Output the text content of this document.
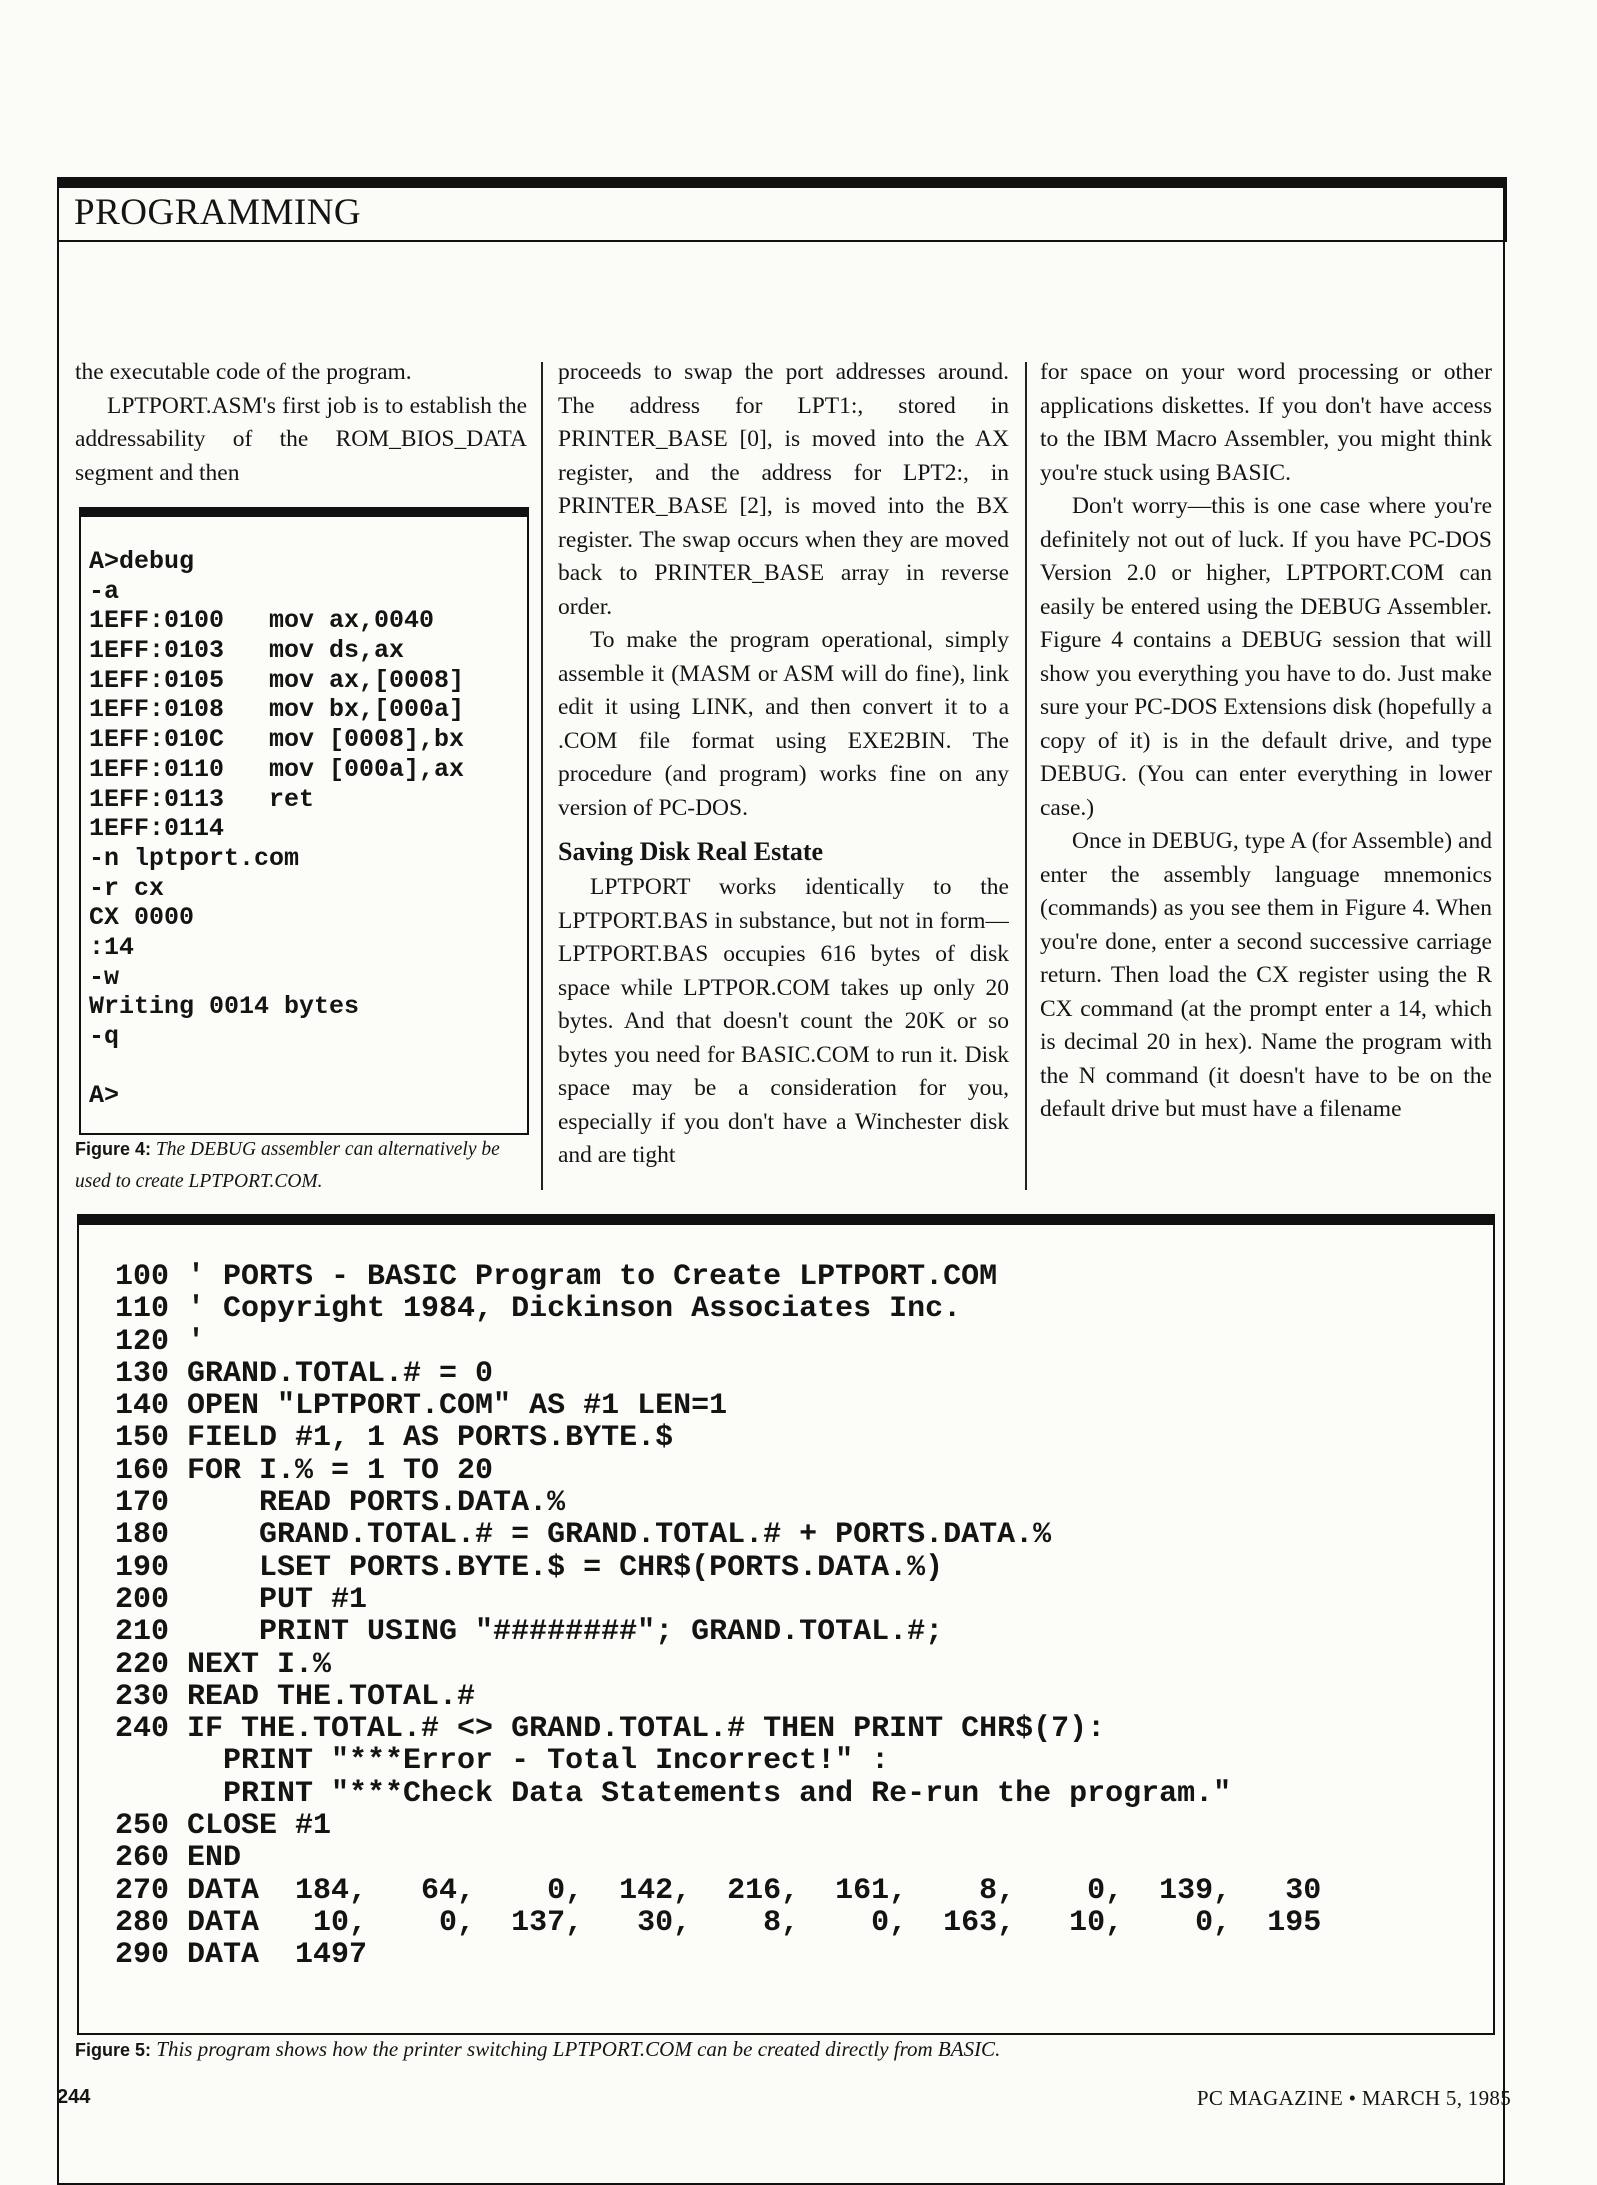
PROGRAMMING

the executable code of the program.

LPTPORT.ASM's first job is to establish the addressability of the ROM_BIOS_DATA segment and then

proceeds to swap the port addresses around. The address for LPT1:, stored in PRINTER_BASE [0], is moved into the AX register, and the address for LPT2:, in PRINTER_BASE [2], is moved into the BX register. The swap occurs when they are moved back to PRINTER_BASE array in reverse order.

To make the program operational, simply assemble it (MASM or ASM will do fine), link edit it using LINK, and then convert it to a .COM file format using EXE2BIN. The procedure (and program) works fine on any version of PC-DOS.

Saving Disk Real Estate

LPTPORT works identically to the LPTPORT.BAS in substance, but not in form—LPTPORT.BAS occupies 616 bytes of disk space while LPTPOR.COM takes up only 20 bytes. And that doesn't count the 20K or so bytes you need for BASIC.COM to run it. Disk space may be a consideration for you, especially if you don't have a Winchester disk and are tight

for space on your word processing or other applications diskettes. If you don't have access to the IBM Macro Assembler, you might think you're stuck using BASIC.

Don't worry—this is one case where you're definitely not out of luck. If you have PC-DOS Version 2.0 or higher, LPTPORT.COM can easily be entered using the DEBUG Assembler. Figure 4 contains a DEBUG session that will show you everything you have to do. Just make sure your PC-DOS Extensions disk (hopefully a copy of it) is in the default drive, and type DEBUG. (You can enter everything in lower case.)

Once in DEBUG, type A (for Assemble) and enter the assembly language mnemonics (commands) as you see them in Figure 4. When you're done, enter a second successive carriage return. Then load the CX register using the R CX command (at the prompt enter a 14, which is decimal 20 in hex). Name the program with the N command (it doesn't have to be on the default drive but must have a filename

A>debug
-a
1EFF:0100   mov ax,0040
1EFF:0103   mov ds,ax
1EFF:0105   mov ax,[0008]
1EFF:0108   mov bx,[000a]
1EFF:010C   mov [0008],bx
1EFF:0110   mov [000a],ax
1EFF:0113   ret
1EFF:0114
-n lptport.com
-r cx
CX 0000
:14
-w
Writing 0014 bytes
-q
A>
Figure 4: The DEBUG assembler can alternatively be used to create LPTPORT.COM.
100 ' PORTS - BASIC Program to Create LPTPORT.COM
110 ' Copyright 1984, Dickinson Associates Inc.
120 '
130 GRAND.TOTAL.# = 0
140 OPEN "LPTPORT.COM" AS #1 LEN=1
150 FIELD #1, 1 AS PORTS.BYTE.$
160 FOR I.% = 1 TO 20
170     READ PORTS.DATA.%
180     GRAND.TOTAL.# = GRAND.TOTAL.# + PORTS.DATA.%
190     LSET PORTS.BYTE.$ = CHR$(PORTS.DATA.%)
200     PUT #1
210     PRINT USING "########"; GRAND.TOTAL.#;
220 NEXT I.%
230 READ THE.TOTAL.#
240 IF THE.TOTAL.# <> GRAND.TOTAL.# THEN PRINT CHR$(7):
PRINT "***Error - Total Incorrect!" :
PRINT "***Check Data Statements and Re-run the program."
250 CLOSE #1
260 END
270 DATA  184,   64,    0,  142,  216,  161,    8,    0,  139,   30
280 DATA   10,    0,  137,   30,    8,    0,  163,   10,    0,  195
290 DATA  1497
Figure 5: This program shows how the printer switching LPTPORT.COM can be created directly from BASIC.
244	PC MAGAZINE • MARCH 5, 1985
